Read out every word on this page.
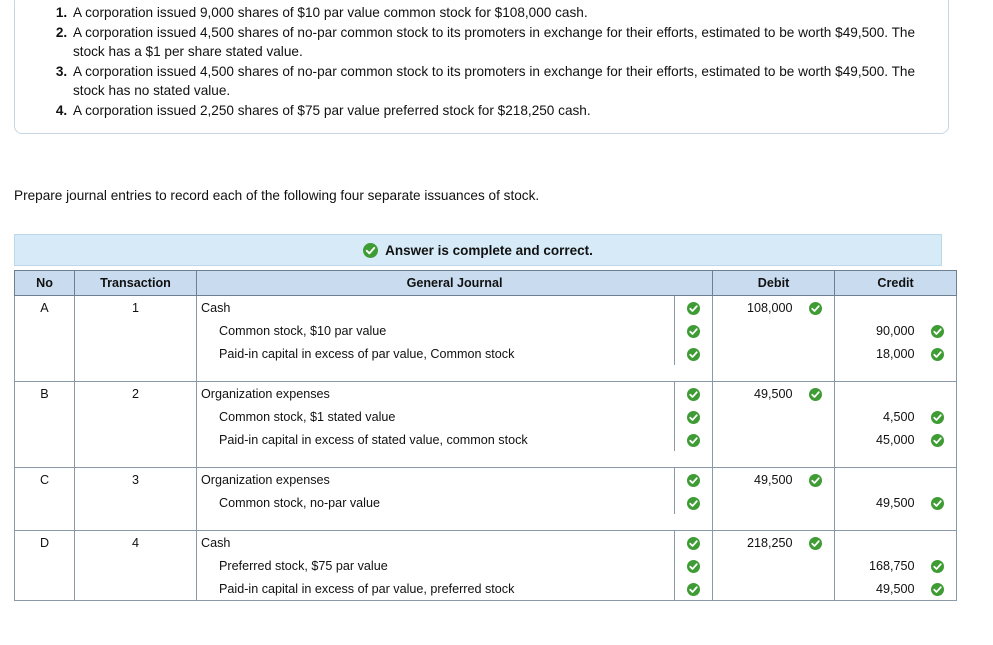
1. A corporation issued 9,000 shares of $10 par value common stock for $108,000 cash.
2. A corporation issued 4,500 shares of no-par common stock to its promoters in exchange for their efforts, estimated to be worth $49,500. The stock has a $1 per share stated value.
3. A corporation issued 4,500 shares of no-par common stock to its promoters in exchange for their efforts, estimated to be worth $49,500. The stock has no stated value.
4. A corporation issued 2,250 shares of $75 par value preferred stock for $218,250 cash.
Prepare journal entries to record each of the following four separate issuances of stock.
Answer is complete and correct.
No	Transaction	General Journal		Debit		Credit	
A	1	Cash		108,000	

		Common stock, $10 par value				90,000	

		Paid-in capital in excess of par value, Common stock				18,000	

B	2	Organization expenses		49,500	

		Common stock, $1 stated value				4,500	

		Paid-in capital in excess of stated value, common stock				45,000	

C	3	Organization expenses		49,500	

		Common stock, no-par value				49,500	

D	4	Cash		218,250	

		Preferred stock, $75 par value				168,750	

		Paid-in capital in excess of par value, preferred stock				49,500	
